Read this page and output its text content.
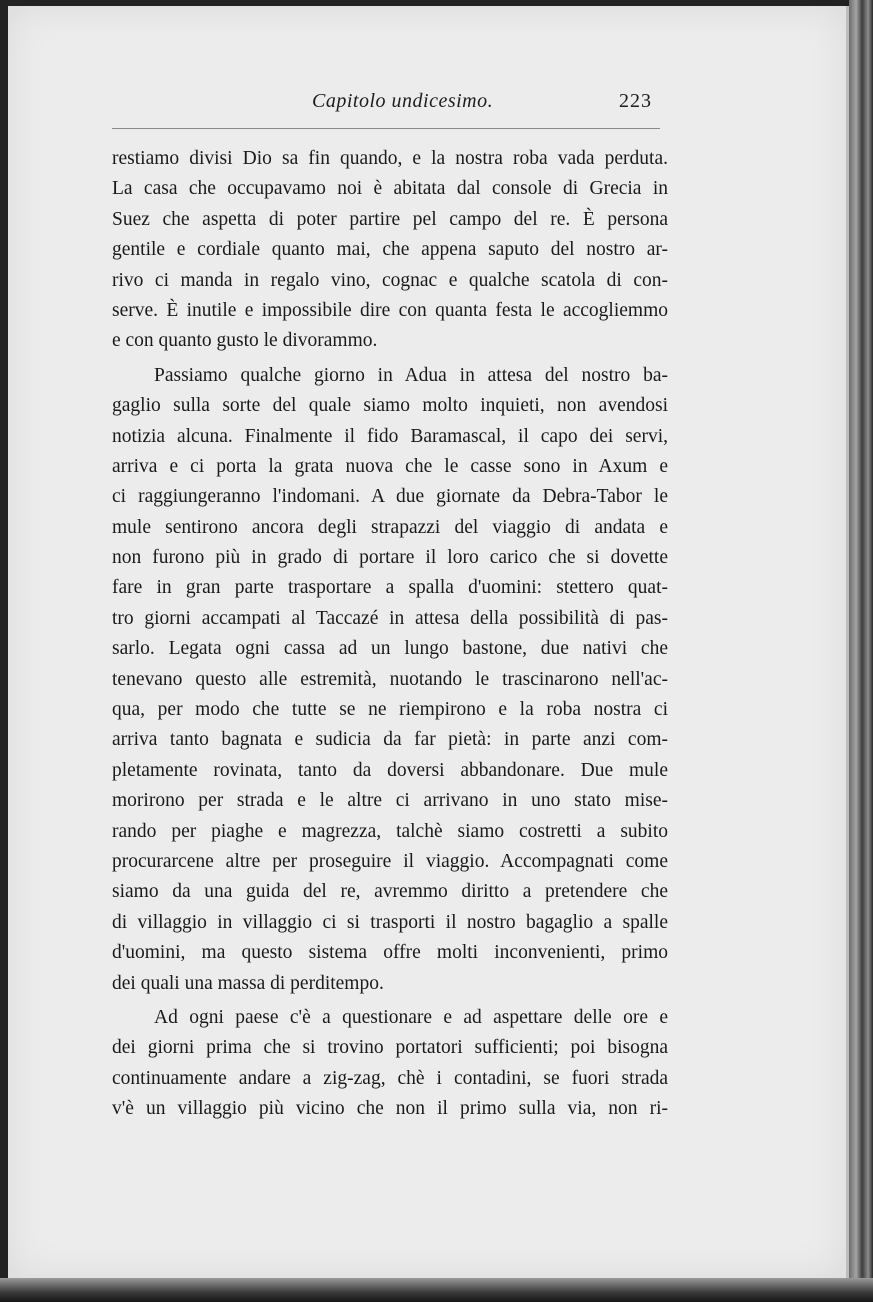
Capitolo undicesimo.	223
restiamo divisi Dio sa fin quando, e la nostra roba vada perduta.
La casa che occupavamo noi è abitata dal console di Grecia in
Suez che aspetta di poter partire pel campo del re. È persona
gentile e cordiale quanto mai, che appena saputo del nostro ar-
rivo ci manda in regalo vino, cognac e qualche scatola di con-
serve. È inutile e impossibile dire con quanta festa le accogliemmo
e con quanto gusto le divorammo.
Passiamo qualche giorno in Adua in attesa del nostro ba-
gaglio sulla sorte del quale siamo molto inquieti, non avendosi
notizia alcuna. Finalmente il fido Baramascal, il capo dei servi,
arriva e ci porta la grata nuova che le casse sono in Axum e
ci raggiungeranno l'indomani. A due giornate da Debra-Tabor le
mule sentirono ancora degli strapazzi del viaggio di andata e
non furono più in grado di portare il loro carico che si dovette
fare in gran parte trasportare a spalla d'uomini: stettero quat-
tro giorni accampati al Taccazé in attesa della possibilità di pas-
sarlo. Legata ogni cassa ad un lungo bastone, due nativi che
tenevano questo alle estremità, nuotando le trascinarono nell'ac-
qua, per modo che tutte se ne riempirono e la roba nostra ci
arriva tanto bagnata e sudicia da far pietà: in parte anzi com-
pletamente rovinata, tanto da doversi abbandonare. Due mule
morirono per strada e le altre ci arrivano in uno stato mise-
rando per piaghe e magrezza, talchè siamo costretti a subito
procurarcene altre per proseguire il viaggio. Accompagnati come
siamo da una guida del re, avremmo diritto a pretendere che
di villaggio in villaggio ci si trasporti il nostro bagaglio a spalle
d'uomini, ma questo sistema offre molti inconvenienti, primo
dei quali una massa di perditempo.
Ad ogni paese c'è a questionare e ad aspettare delle ore e
dei giorni prima che si trovino portatori sufficienti; poi bisogna
continuamente andare a zig-zag, chè i contadini, se fuori strada
v'è un villaggio più vicino che non il primo sulla via, non ri-
